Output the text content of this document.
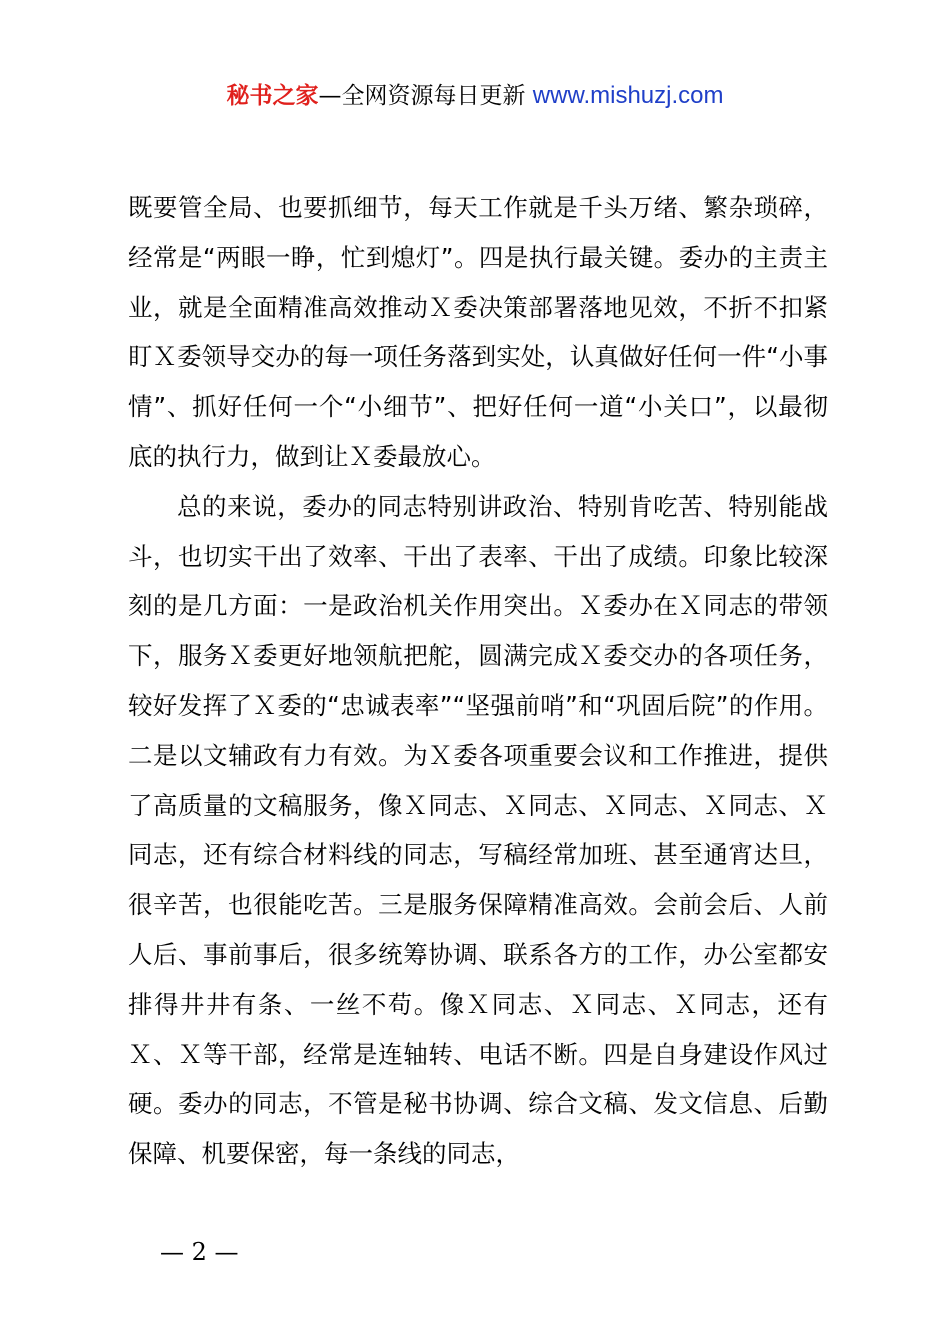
秘书之家—全网资源每日更新 www.mishuzj.com

既要管全局、也要抓细节，每天工作就是千头万绪、繁杂琐碎，经常是“两眼一睁，忙到熄灯”。四是执行最关键。委办的主责主业，就是全面精准高效推动Ｘ委决策部署落地见效，不折不扣紧盯Ｘ委领导交办的每一项任务落到实处，认真做好任何一件“小事情”、抓好任何一个“小细节”、把好任何一道“小关口”，以最彻底的执行力，做到让Ｘ委最放心。

总的来说，委办的同志特别讲政治、特别肯吃苦、特别能战斗，也切实干出了效率、干出了表率、干出了成绩。印象比较深刻的是几方面：一是政治机关作用突出。Ｘ委办在Ｘ同志的带领下，服务Ｘ委更好地领航把舵，圆满完成Ｘ委交办的各项任务，较好发挥了Ｘ委的“忠诚表率”“坚强前哨”和“巩固后院”的作用。二是以文辅政有力有效。为Ｘ委各项重要会议和工作推进，提供了高质量的文稿服务，像Ｘ同志、Ｘ同志、Ｘ同志、Ｘ同志、Ｘ同志，还有综合材料线的同志，写稿经常加班、甚至通宵达旦，很辛苦，也很能吃苦。三是服务保障精准高效。会前会后、人前人后、事前事后，很多统筹协调、联系各方的工作，办公室都安排得井井有条、一丝不苟。像Ｘ同志、Ｘ同志、Ｘ同志，还有Ｘ、Ｘ等干部，经常是连轴转、电话不断。四是自身建设作风过硬。委办的同志，不管是秘书协调、综合文稿、发文信息、后勤保障、机要保密，每一条线的同志，

— 2 —
